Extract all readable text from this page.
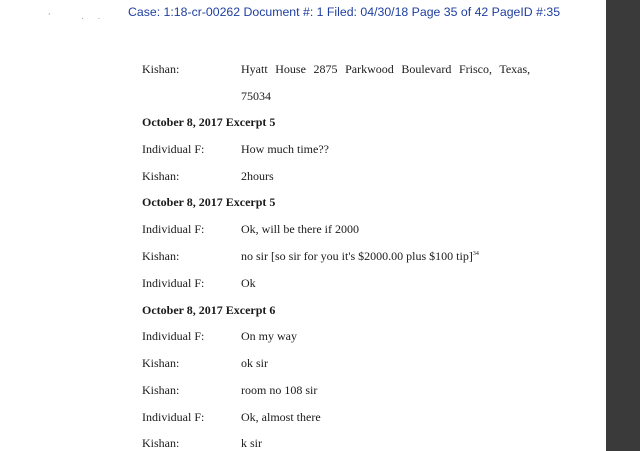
‘ .. ˙
Case: 1:18-cr-00262 Document #: 1 Filed: 04/30/18 Page 35 of 42 PageID #:35
Kishan:	Hyatt House 2875 Parkwood Boulevard Frisco, Texas,
75034
October 8, 2017 Excerpt 5
Individual F:	How much time??
Kishan:	2hours
October 8, 2017 Excerpt 5
Individual F:	Ok, will be there if 2000
Kishan:	no sir [so sir for you it's $2000.00 plus $100 tip]$^{34}$
Individual F:	Ok
October 8, 2017 Excerpt 6
Individual F:	On my way
Kishan:	ok sir
Kishan:	room no 108 sir
Individual F:	Ok, almost there
Kishan:	k sir
